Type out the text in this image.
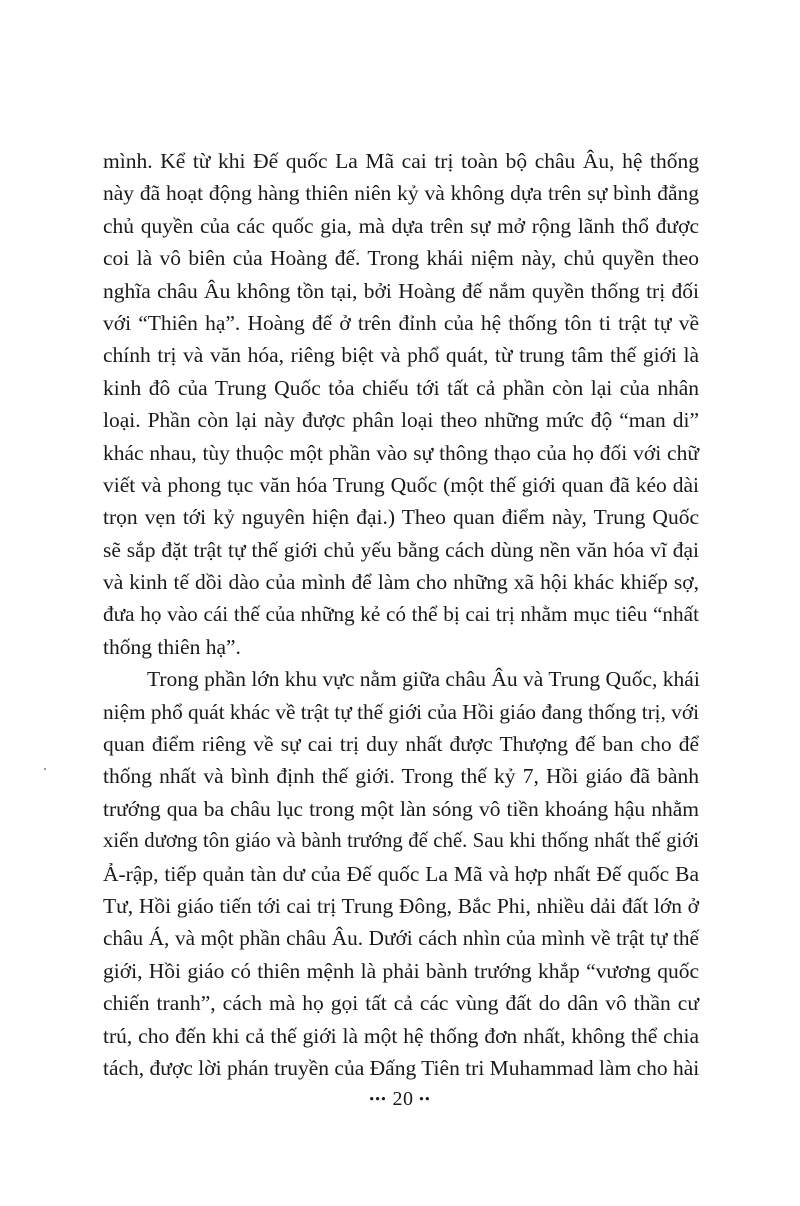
mình. Kể từ khi Đế quốc La Mã cai trị toàn bộ châu Âu, hệ thống
này đã hoạt động hàng thiên niên kỷ và không dựa trên sự bình đẳng
chủ quyền của các quốc gia, mà dựa trên sự mở rộng lãnh thổ được
coi là vô biên của Hoàng đế. Trong khái niệm này, chủ quyền theo
nghĩa châu Âu không tồn tại, bởi Hoàng đế nắm quyền thống trị đối
với “Thiên hạ”. Hoàng đế ở trên đỉnh của hệ thống tôn ti trật tự về
chính trị và văn hóa, riêng biệt và phổ quát, từ trung tâm thế giới là
kinh đô của Trung Quốc tỏa chiếu tới tất cả phần còn lại của nhân
loại. Phần còn lại này được phân loại theo những mức độ “man di”
khác nhau, tùy thuộc một phần vào sự thông thạo của họ đối với chữ
viết và phong tục văn hóa Trung Quốc (một thế giới quan đã kéo dài
trọn vẹn tới kỷ nguyên hiện đại.) Theo quan điểm này, Trung Quốc
sẽ sắp đặt trật tự thế giới chủ yếu bằng cách dùng nền văn hóa vĩ đại
và kinh tế dồi dào của mình để làm cho những xã hội khác khiếp sợ,
đưa họ vào cái thế của những kẻ có thể bị cai trị nhằm mục tiêu “nhất
thống thiên hạ”.
Trong phần lớn khu vực nằm giữa châu Âu và Trung Quốc, khái
niệm phổ quát khác về trật tự thế giới của Hồi giáo đang thống trị, với
quan điểm riêng về sự cai trị duy nhất được Thượng đế ban cho để
thống nhất và bình định thế giới. Trong thế kỷ 7, Hồi giáo đã bành
trướng qua ba châu lục trong một làn sóng vô tiền khoáng hậu nhằm
xiển dương tôn giáo và bành trướng đế chế. Sau khi thống nhất thế giới
Ả-rập, tiếp quản tàn dư của Đế quốc La Mã và hợp nhất Đế quốc Ba
Tư, Hồi giáo tiến tới cai trị Trung Đông, Bắc Phi, nhiều dải đất lớn ở
châu Á, và một phần châu Âu. Dưới cách nhìn của mình về trật tự thế
giới, Hồi giáo có thiên mệnh là phải bành trướng khắp “vương quốc
chiến tranh”, cách mà họ gọi tất cả các vùng đất do dân vô thần cư
trú, cho đến khi cả thế giới là một hệ thống đơn nhất, không thể chia
tách, được lời phán truyền của Đấng Tiên tri Muhammad làm cho hài
••• 20 ••
